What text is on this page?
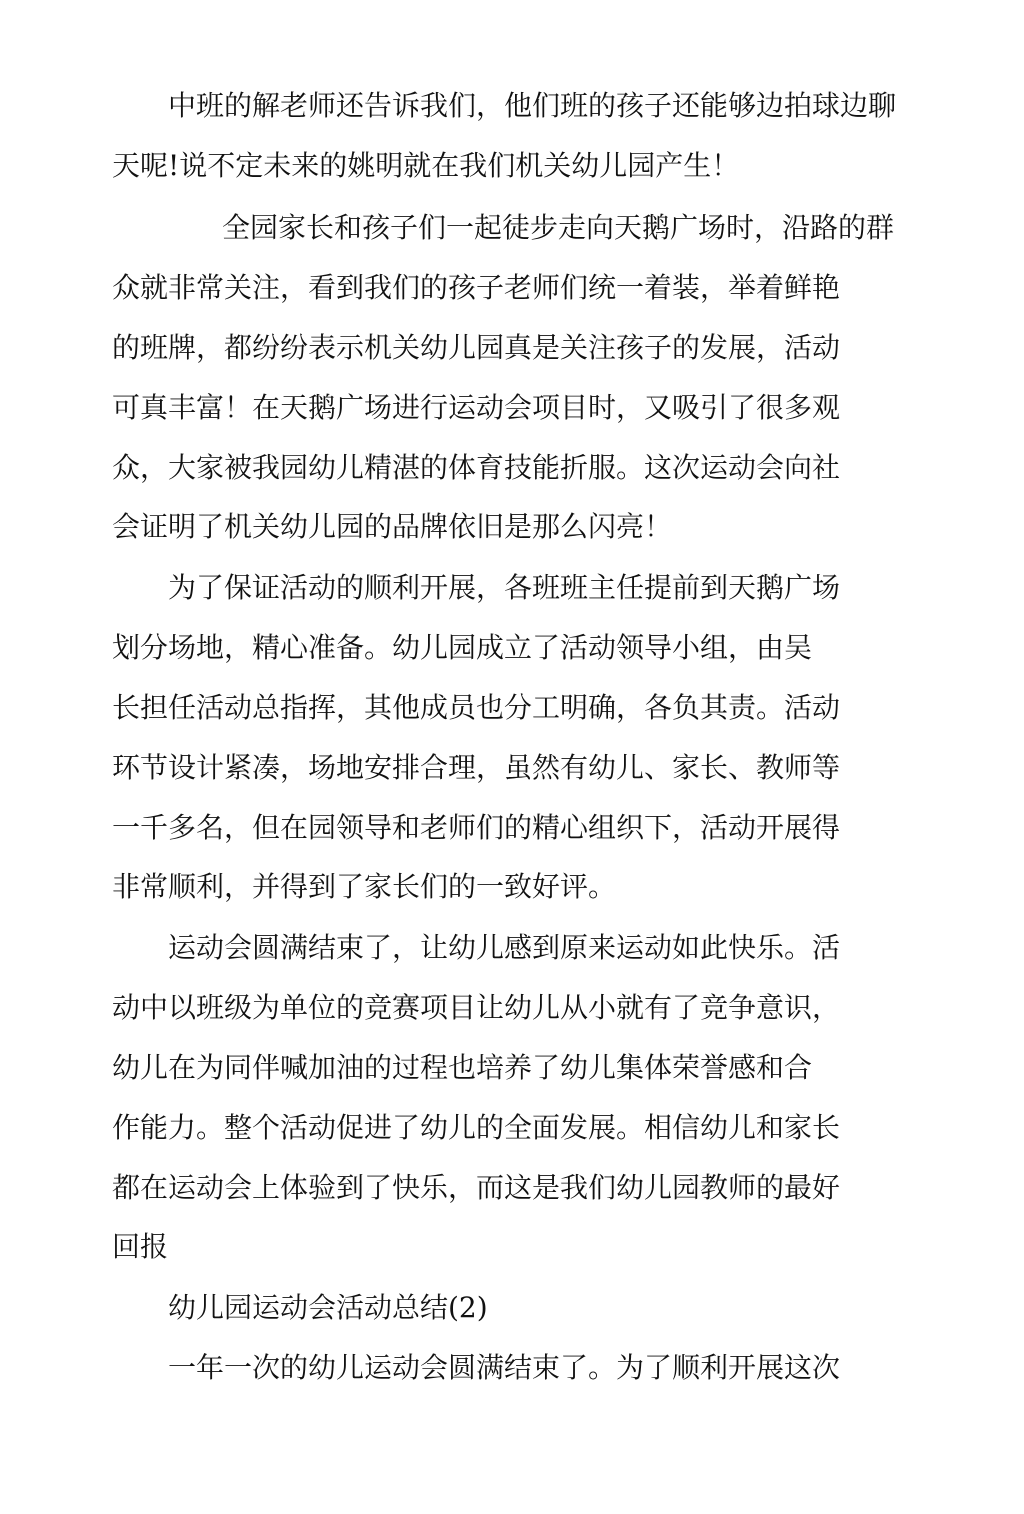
中班的解老师还告诉我们，他们班的孩子还能够边拍球边聊
天呢!说不定未来的姚明就在我们机关幼儿园产生！
全园家长和孩子们一起徒步走向天鹅广场时，沿路的群
众就非常关注，看到我们的孩子老师们统一着装，举着鲜艳
的班牌，都纷纷表示机关幼儿园真是关注孩子的发展，活动
可真丰富！在天鹅广场进行运动会项目时，又吸引了很多观
众，大家被我园幼儿精湛的体育技能折服。这次运动会向社
会证明了机关幼儿园的品牌依旧是那么闪亮！
为了保证活动的顺利开展，各班班主任提前到天鹅广场
划分场地，精心准备。幼儿园成立了活动领导小组，由吴
长担任活动总指挥，其他成员也分工明确，各负其责。活动
环节设计紧凑，场地安排合理，虽然有幼儿、家长、教师等
一千多名，但在园领导和老师们的精心组织下，活动开展得
非常顺利，并得到了家长们的一致好评。
运动会圆满结束了，让幼儿感到原来运动如此快乐。活
动中以班级为单位的竞赛项目让幼儿从小就有了竞争意识，
幼儿在为同伴喊加油的过程也培养了幼儿集体荣誉感和合
作能力。整个活动促进了幼儿的全面发展。相信幼儿和家长
都在运动会上体验到了快乐，而这是我们幼儿园教师的最好
回报
幼儿园运动会活动总结(2)
一年一次的幼儿运动会圆满结束了。为了顺利开展这次
